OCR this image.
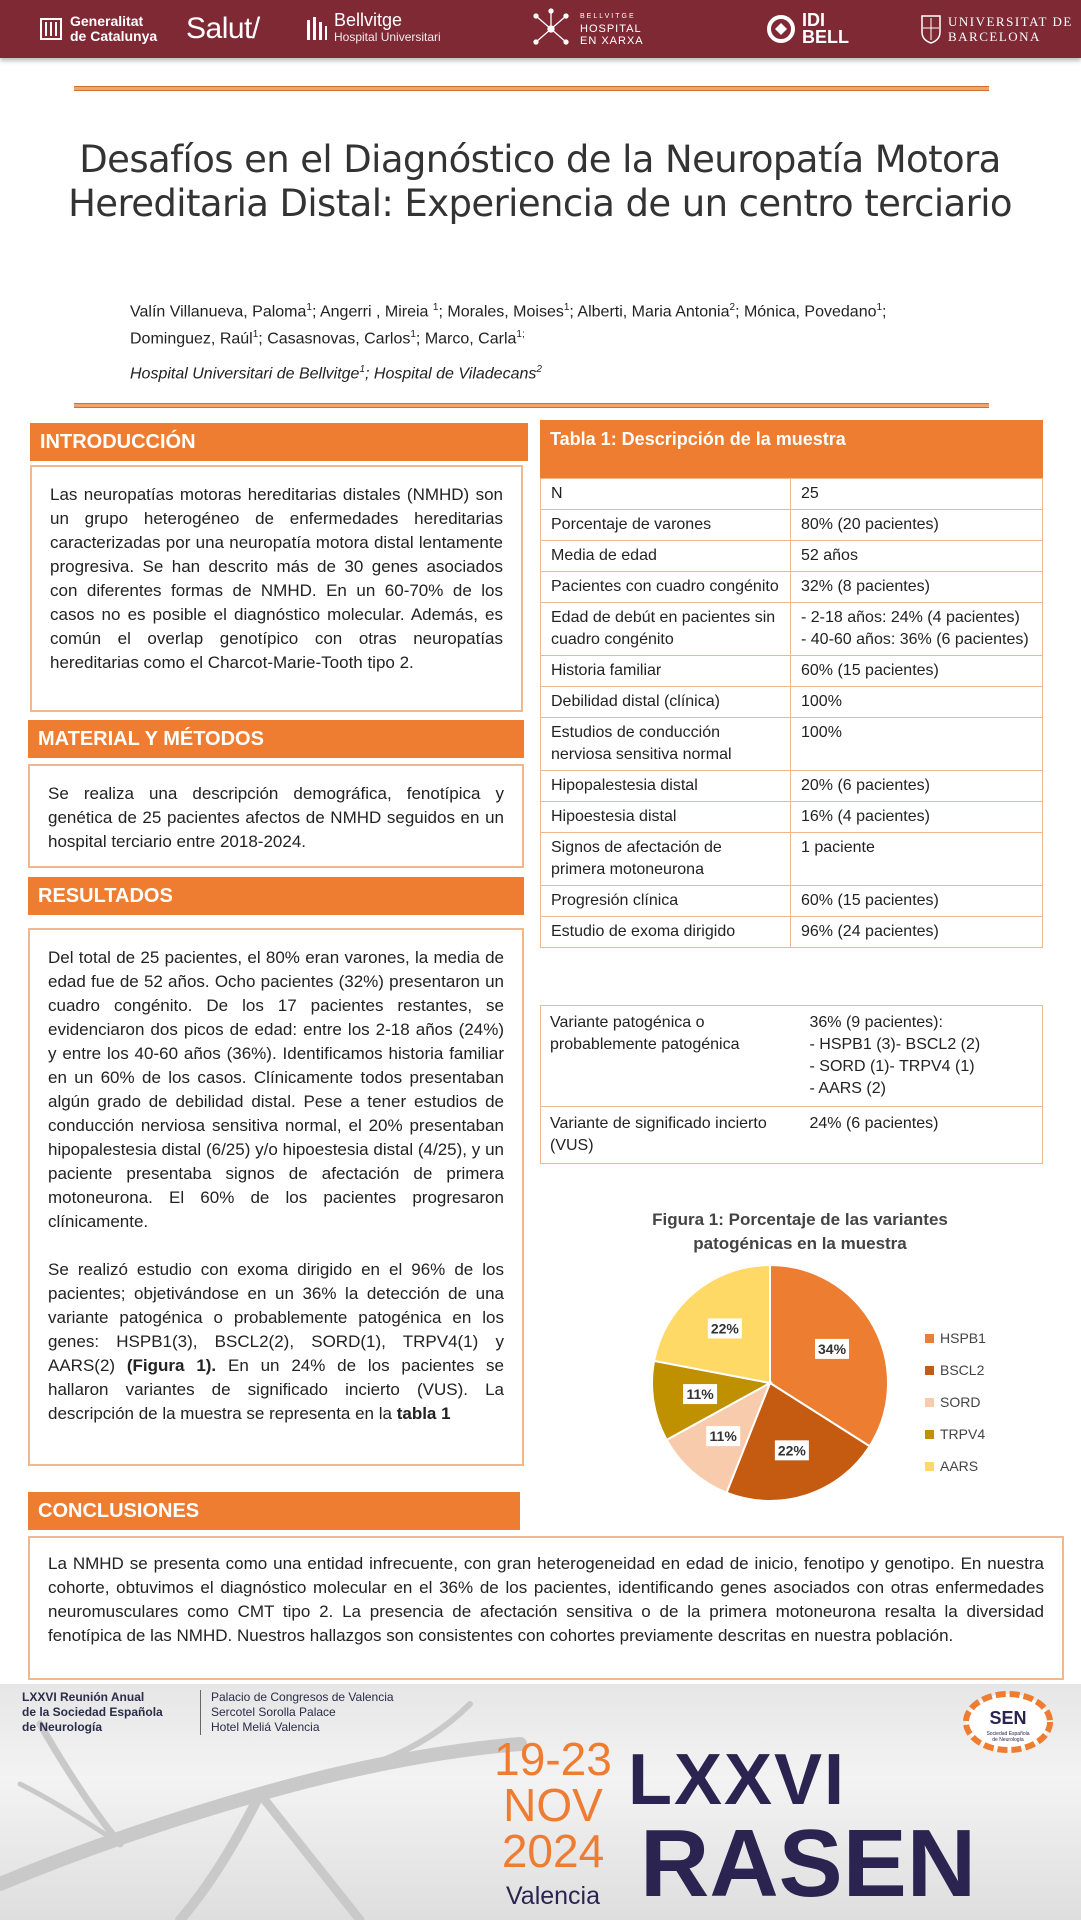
Generalitat
de Catalunya Salut/	Bellvitge
Hospital Universitari
BELLVITGE
HOSPITAL
EN XARXA
IDI
BELL
UNIVERSITAT DE
BARCELONA
Desafíos en el Diagnóstico de la Neuropatía Motora
Hereditaria Distal: Experiencia de un centro terciario
Valín Villanueva, Paloma$^1$; Angerri , Mireia $^1$; Morales, Moises$^1$; Alberti, Maria Antonia$^2$; Mónica, Povedano$^1$;
Dominguez, Raúl$^1$; Casasnovas, Carlos$^1$; Marco, Carla$^{1;}$
Hospital Universitari de Bellvitge$^1$; Hospital de Viladecans$^2$
INTRODUCCIÓN

Las neuropatías motoras hereditarias distales (NMHD) son un grupo heterogéneo de enfermedades hereditarias caracterizadas por una neuropatía motora distal lentamente progresiva. Se han descrito más de 30 genes asociados con diferentes formas de NMHD. En un 60-70% de los casos no es posible el diagnóstico molecular. Además, es común el overlap genotípico con otras neuropatías hereditarias como el Charcot-Marie-Tooth tipo 2.

MATERIAL Y MÉTODOS

Se realiza una descripción demográfica, fenotípica y genética de 25 pacientes afectos de NMHD seguidos en un hospital terciario entre 2018-2024.

RESULTADOS

Del total de 25 pacientes, el 80% eran varones, la media de edad fue de 52 años. Ocho pacientes (32%) presentaron un cuadro congénito. De los 17 pacientes restantes, se evidenciaron dos picos de edad: entre los 2-18 años (24%) y entre los 40-60 años (36%). Identificamos historia familiar en un 60% de los casos. Clínicamente todos presentaban algún grado de debilidad distal. Pese a tener estudios de conducción nerviosa sensitiva normal, el 20% presentaban hipopalestesia distal (6/25) y/o hipoestesia distal (4/25), y un paciente presentaba signos de afectación de primera motoneurona. El 60% de los pacientes progresaron clínicamente.

Se realizó estudio con exoma dirigido en el 96% de los pacientes; objetivándose en un 36% la detección de una variante patogénica o probablemente patogénica en los genes: HSPB1(3), BSCL2(2), SORD(1), TRPV4(1) y AARS(2) (Figura 1). En un 24% de los pacientes se hallaron variantes de significado incierto (VUS). La descripción de la muestra se representa en la tabla 1

Tabla 1: Descripción de la muestra
N	25
Porcentaje de varones	80% (20 pacientes)
Media de edad	52 años
Pacientes con cuadro congénito	32% (8 pacientes)
Edad de debút en pacientes sin cuadro congénito	- 2-18 años: 24% (4 pacientes)
- 40-60 años: 36% (6 pacientes)
Historia familiar	60% (15 pacientes)
Debilidad distal (clínica)	100%
Estudios de conducción nerviosa sensitiva normal	100%
Hipopalestesia distal	20% (6 pacientes)
Hipoestesia distal	16% (4 pacientes)
Signos de afectación de primera motoneurona	1 paciente
Progresión clínica	60% (15 pacientes)
Estudio de exoma dirigido	96% (24 pacientes)
Variante patogénica o probablemente patogénica	36% (9 pacientes):
- HSPB1 (3)- BSCL2 (2)
- SORD (1)- TRPV4 (1)
- AARS (2)
Variante de significado incierto (VUS)	24% (6 pacientes)
Figura 1: Porcentaje de las variantes patogénicas en la muestra
34%
22%
11%
11%
22%
HSPB1
BSCL2
SORD
TRPV4
AARS
CONCLUSIONES

La NMHD se presenta como una entidad infrecuente, con gran heterogeneidad en edad de inicio, fenotipo y genotipo. En nuestra cohorte, obtuvimos el diagnóstico molecular en el 36% de los pacientes, identificando genes asociados con otras enfermedades neuromusculares como CMT tipo 2. La presencia de afectación sensitiva o de la primera motoneurona resalta la diversidad fenotípica de las NMHD. Nuestros hallazgos son consistentes con cohortes previamente descritas en nuestra población.

LXXVI Reunión Anual
de la Sociedad Española
de Neurología
Palacio de Congresos de Valencia
Sercotel Sorolla Palace
Hotel Meliá Valencia
19-23
NOV
2024
Valencia
LXXVI
RASEN
SEN
Sociedad Española
de Neurología
